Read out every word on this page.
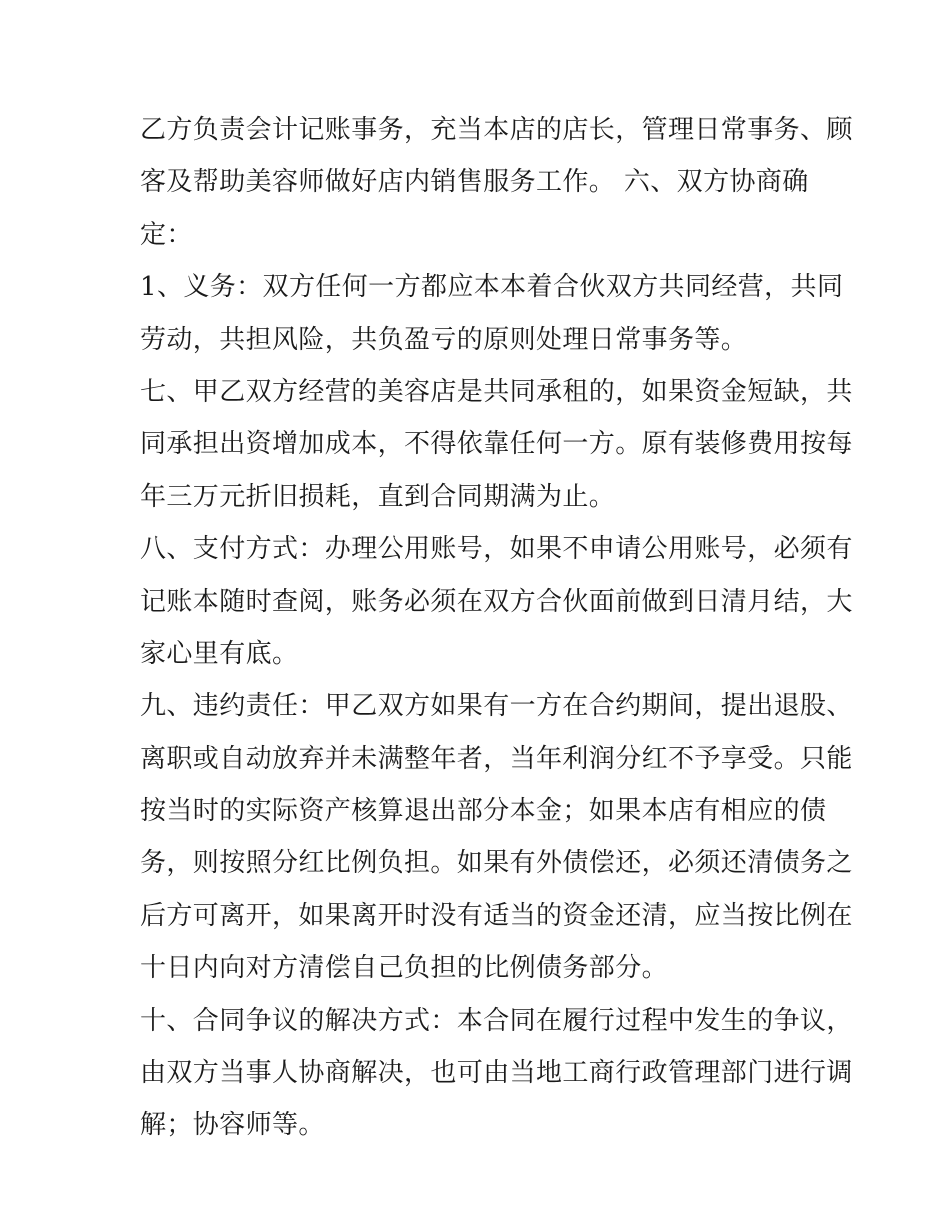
乙方负责会计记账事务，充当本店的店长，管理日常事务、顾
客及帮助美容师做好店内销售服务工作。 六、双方协商确
定：
1、义务：双方任何一方都应本本着合伙双方共同经营，共同
劳动，共担风险，共负盈亏的原则处理日常事务等。
七、甲乙双方经营的美容店是共同承租的，如果资金短缺，共
同承担出资增加成本，不得依靠任何一方。原有装修费用按每
年三万元折旧损耗，直到合同期满为止。
八、支付方式：办理公用账号，如果不申请公用账号，必须有
记账本随时查阅，账务必须在双方合伙面前做到日清月结，大
家心里有底。
九、违约责任：甲乙双方如果有一方在合约期间，提出退股、
离职或自动放弃并未满整年者，当年利润分红不予享受。只能
按当时的实际资产核算退出部分本金；如果本店有相应的债
务，则按照分红比例负担。如果有外债偿还，必须还清债务之
后方可离开，如果离开时没有适当的资金还清，应当按比例在
十日内向对方清偿自己负担的比例债务部分。
十、合同争议的解决方式：本合同在履行过程中发生的争议，
由双方当事人协商解决，也可由当地工商行政管理部门进行调
解；协容师等。
